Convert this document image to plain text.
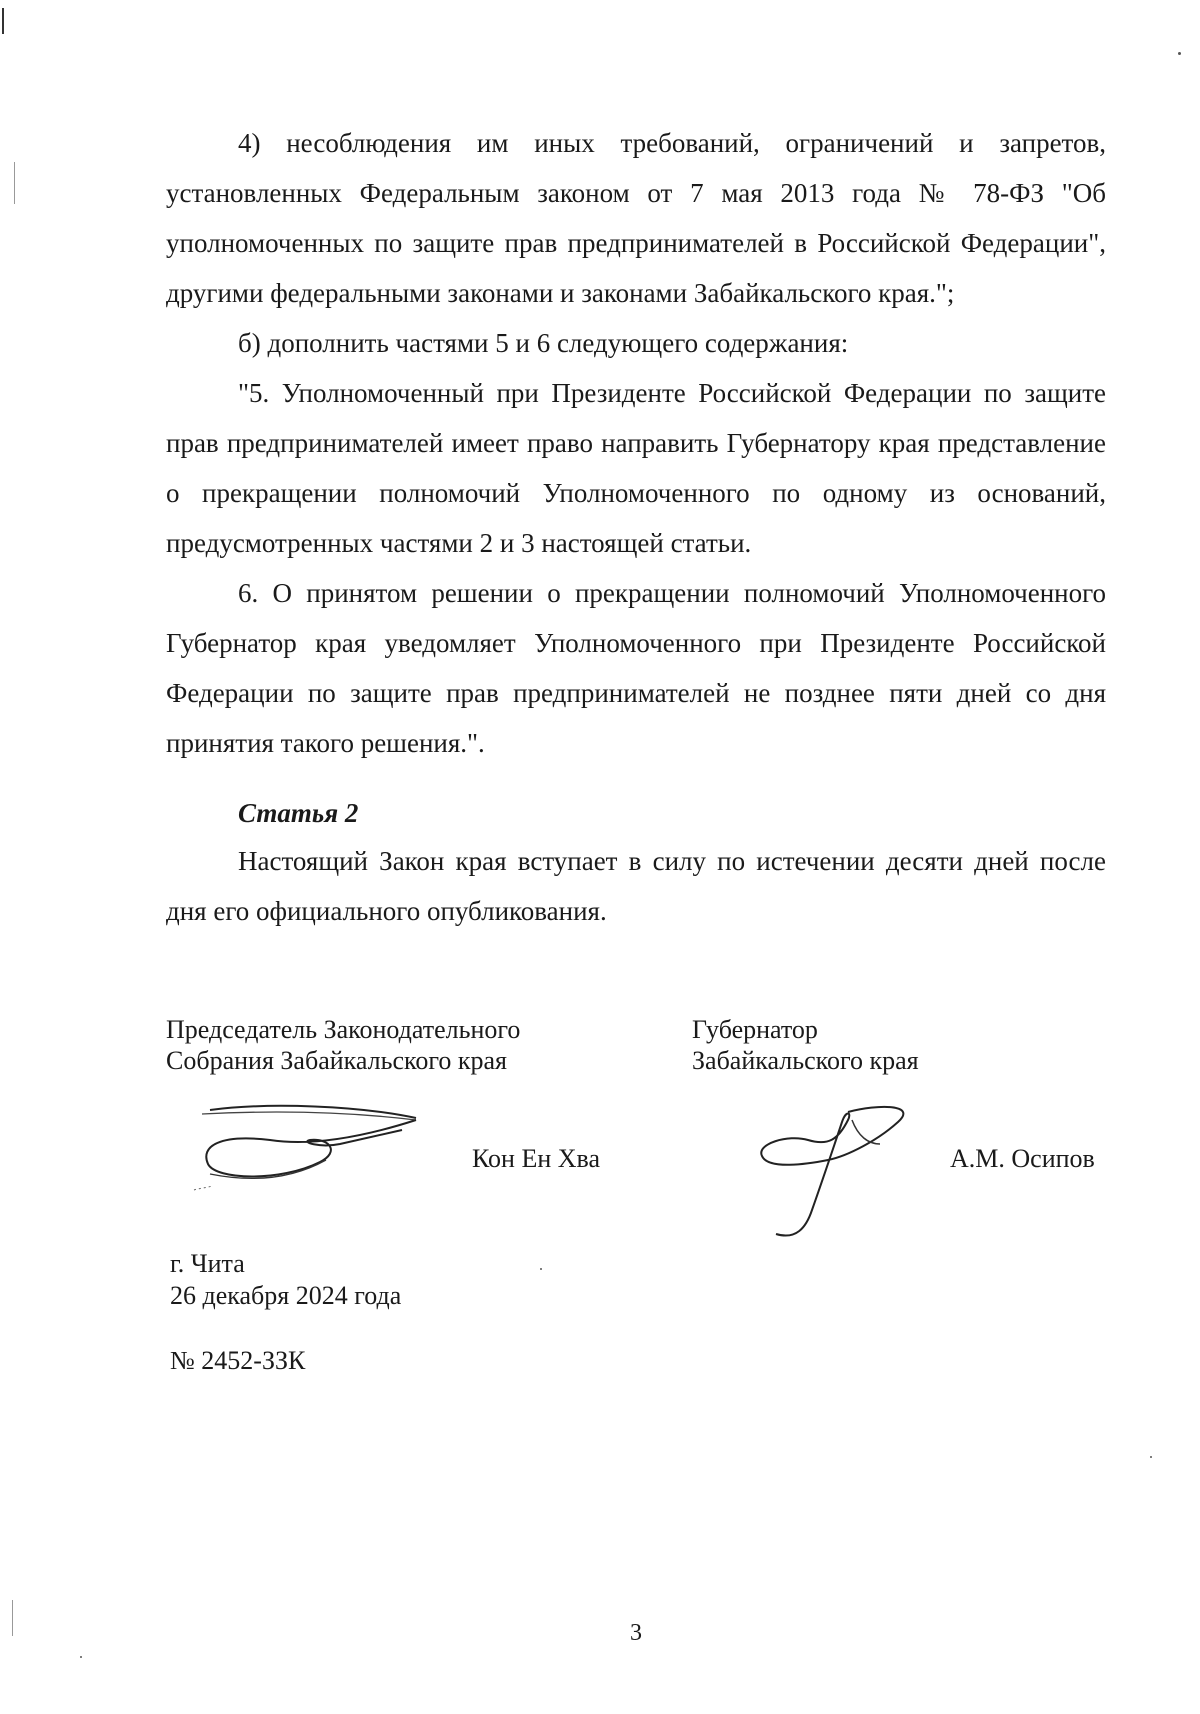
4) несоблюдения им иных требований, ограничений и запретов, установленных Федеральным законом от 7 мая 2013 года № 78-ФЗ "Об уполномоченных по защите прав предпринимателей в Российской Федерации", другими федеральными законами и законами Забайкальского края.";

б) дополнить частями 5 и 6 следующего содержания:

"5. Уполномоченный при Президенте Российской Федерации по защите прав предпринимателей имеет право направить Губернатору края представление о прекращении полномочий Уполномоченного по одному из оснований, предусмотренных частями 2 и 3 настоящей статьи.

6. О принятом решении о прекращении полномочий Уполномоченного Губернатор края уведомляет Уполномоченного при Президенте Российской Федерации по защите прав предпринимателей не позднее пяти дней со дня принятия такого решения.".

Статья 2

Настоящий Закон края вступает в силу по истечении десяти дней после дня его официального опубликования.

Председатель Законодательного
Собрания Забайкальского края
Губернатор
Забайкальского края
Кон Ен Хва	А.М. Осипов
г. Чита
26 декабря 2024 года
№ 2452-ЗЗК
3
